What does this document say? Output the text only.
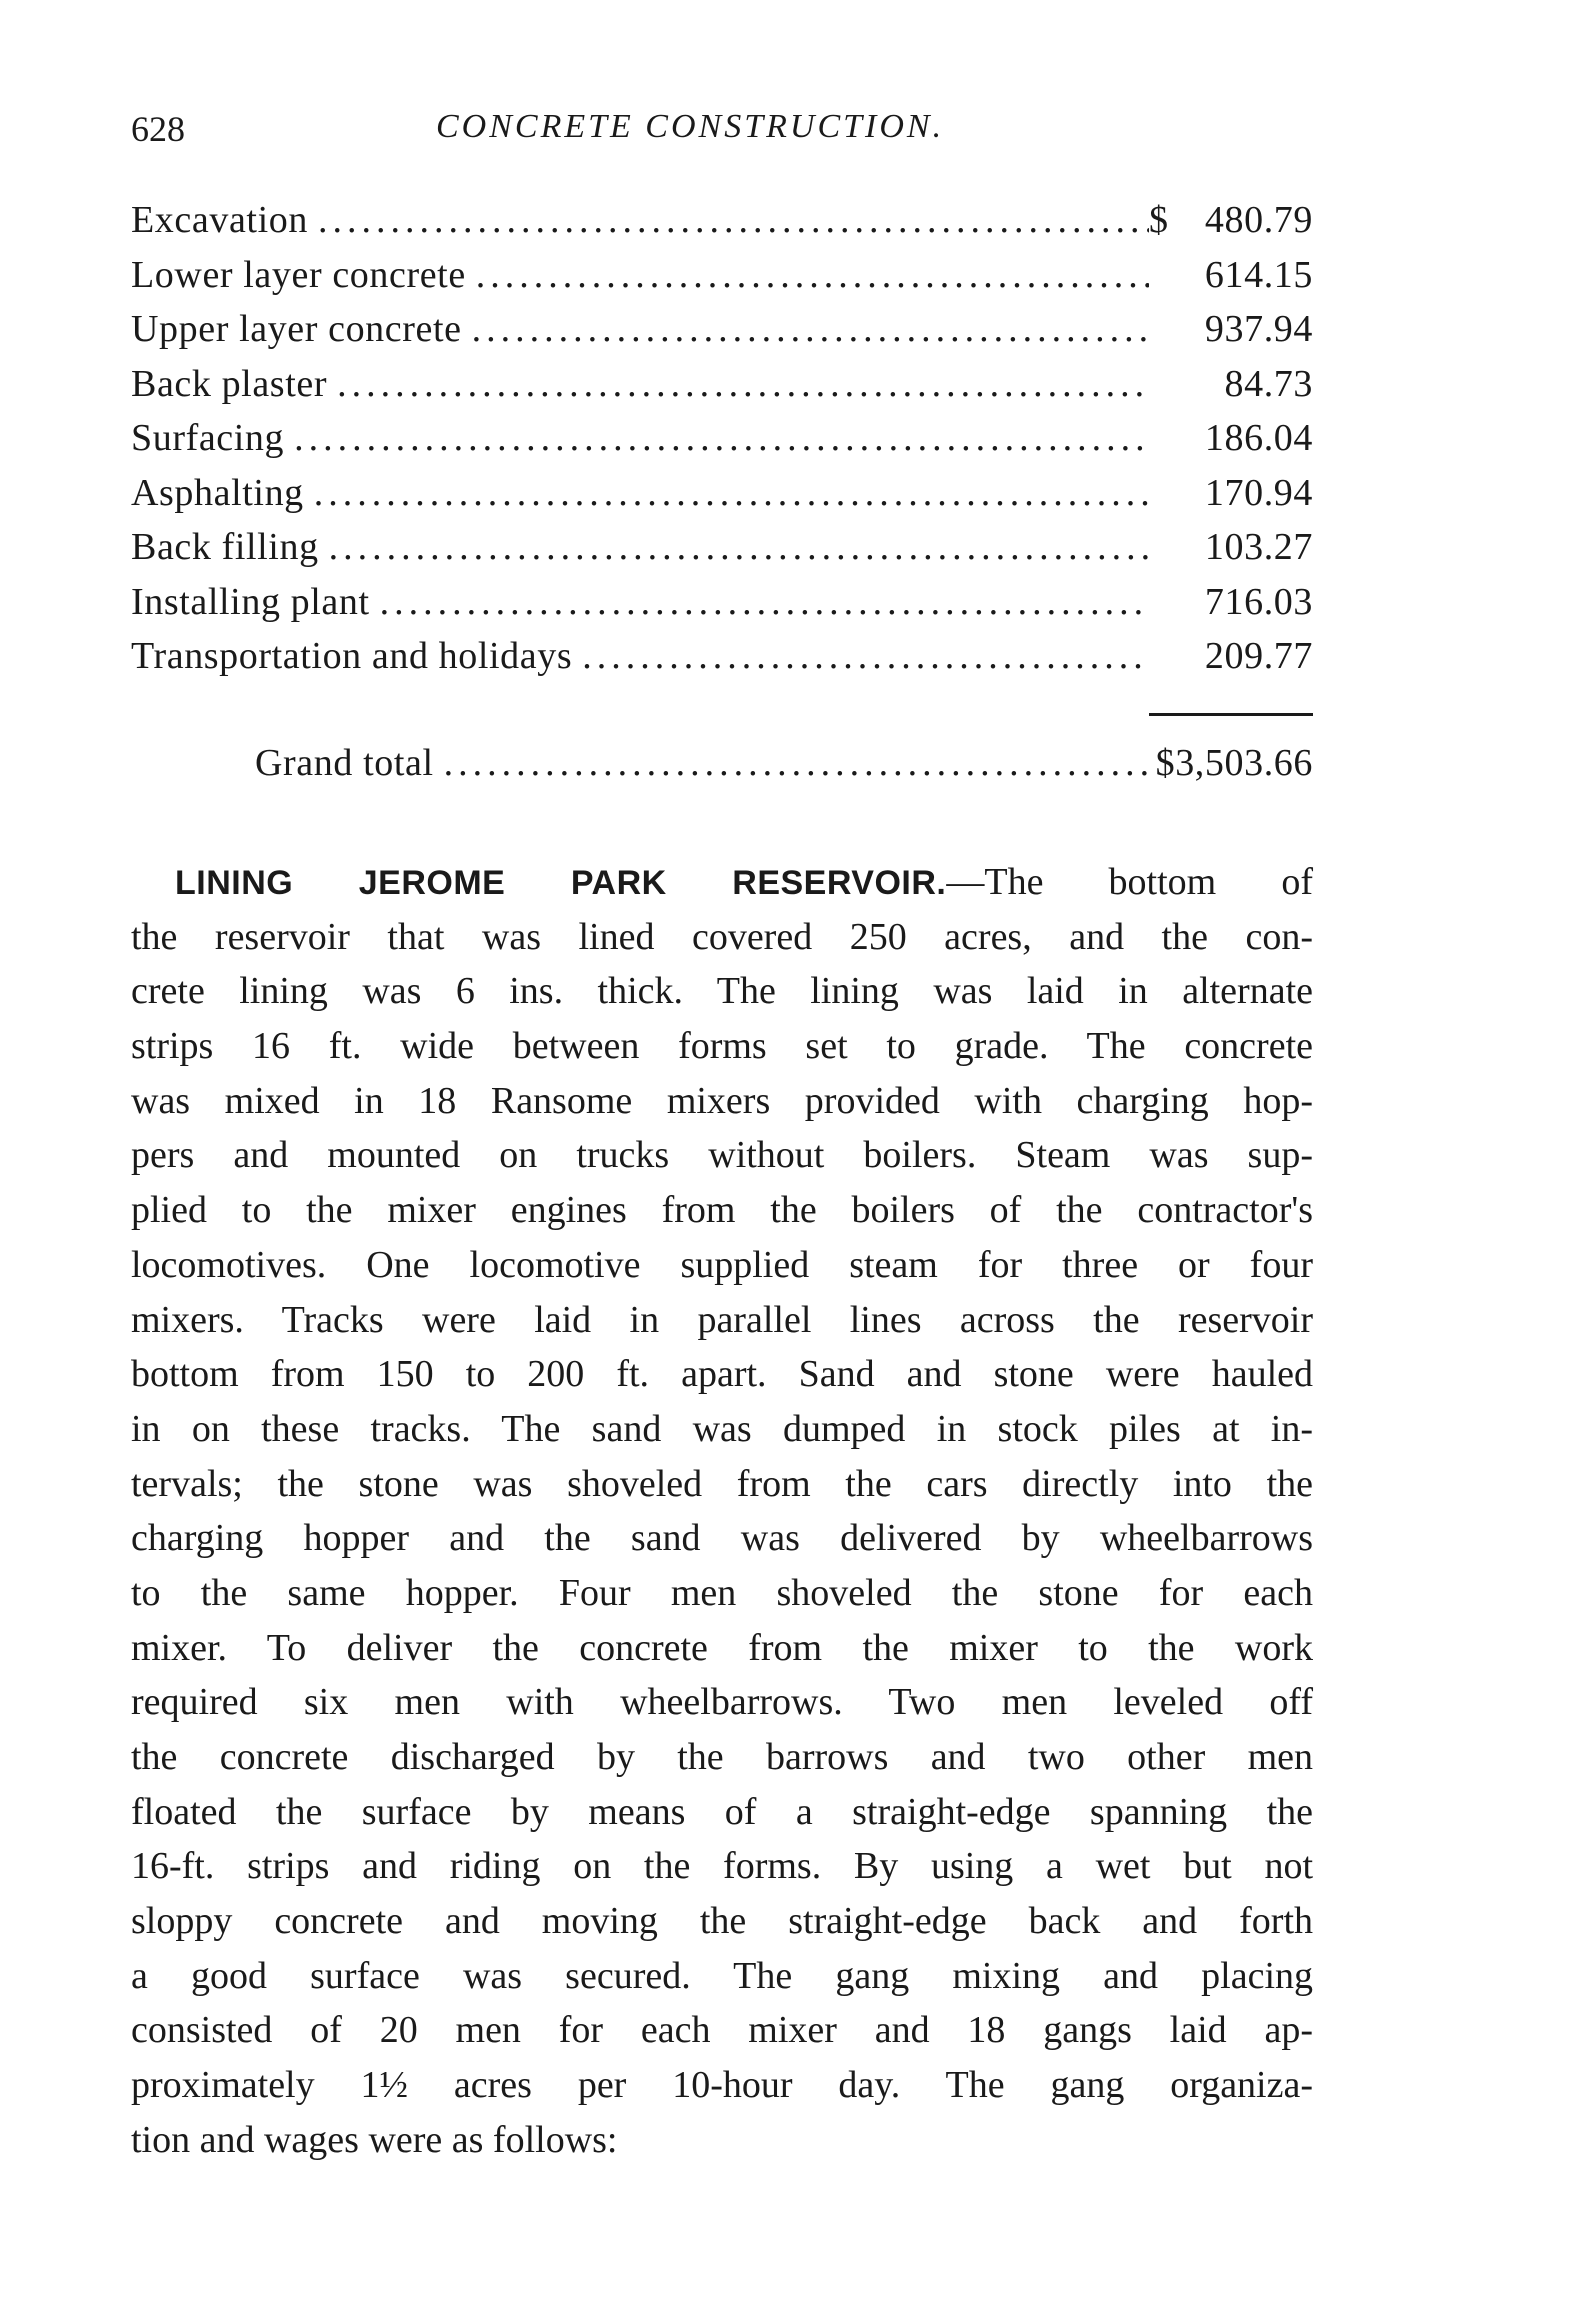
628	CONCRETE CONSTRUCTION.
Excavation .....	$ 480.79
Lower layer concrete .....	614.15
Upper layer concrete .....	937.94
Back plaster .....	84.73
Surfacing .....	186.04
Asphalting .....	170.94
Back filling .....	103.27
Installing plant .....	716.03
Transportation and holidays .....	209.77
Grand total .....	$3,503.66
LINING JEROME PARK RESERVOIR.—The bottom of
the reservoir that was lined covered 250 acres, and the con-
crete lining was 6 ins. thick. The lining was laid in alternate
strips 16 ft. wide between forms set to grade. The concrete
was mixed in 18 Ransome mixers provided with charging hop-
pers and mounted on trucks without boilers. Steam was sup-
plied to the mixer engines from the boilers of the contractor's
locomotives. One locomotive supplied steam for three or four
mixers. Tracks were laid in parallel lines across the reservoir
bottom from 150 to 200 ft. apart. Sand and stone were hauled
in on these tracks. The sand was dumped in stock piles at in-
tervals; the stone was shoveled from the cars directly into the
charging hopper and the sand was delivered by wheelbarrows
to the same hopper. Four men shoveled the stone for each
mixer. To deliver the concrete from the mixer to the work
required six men with wheelbarrows. Two men leveled off
the concrete discharged by the barrows and two other men
floated the surface by means of a straight-edge spanning the
16-ft. strips and riding on the forms. By using a wet but not
sloppy concrete and moving the straight-edge back and forth
a good surface was secured. The gang mixing and placing
consisted of 20 men for each mixer and 18 gangs laid ap-
proximately 1½ acres per 10-hour day. The gang organiza-
tion and wages were as follows:
